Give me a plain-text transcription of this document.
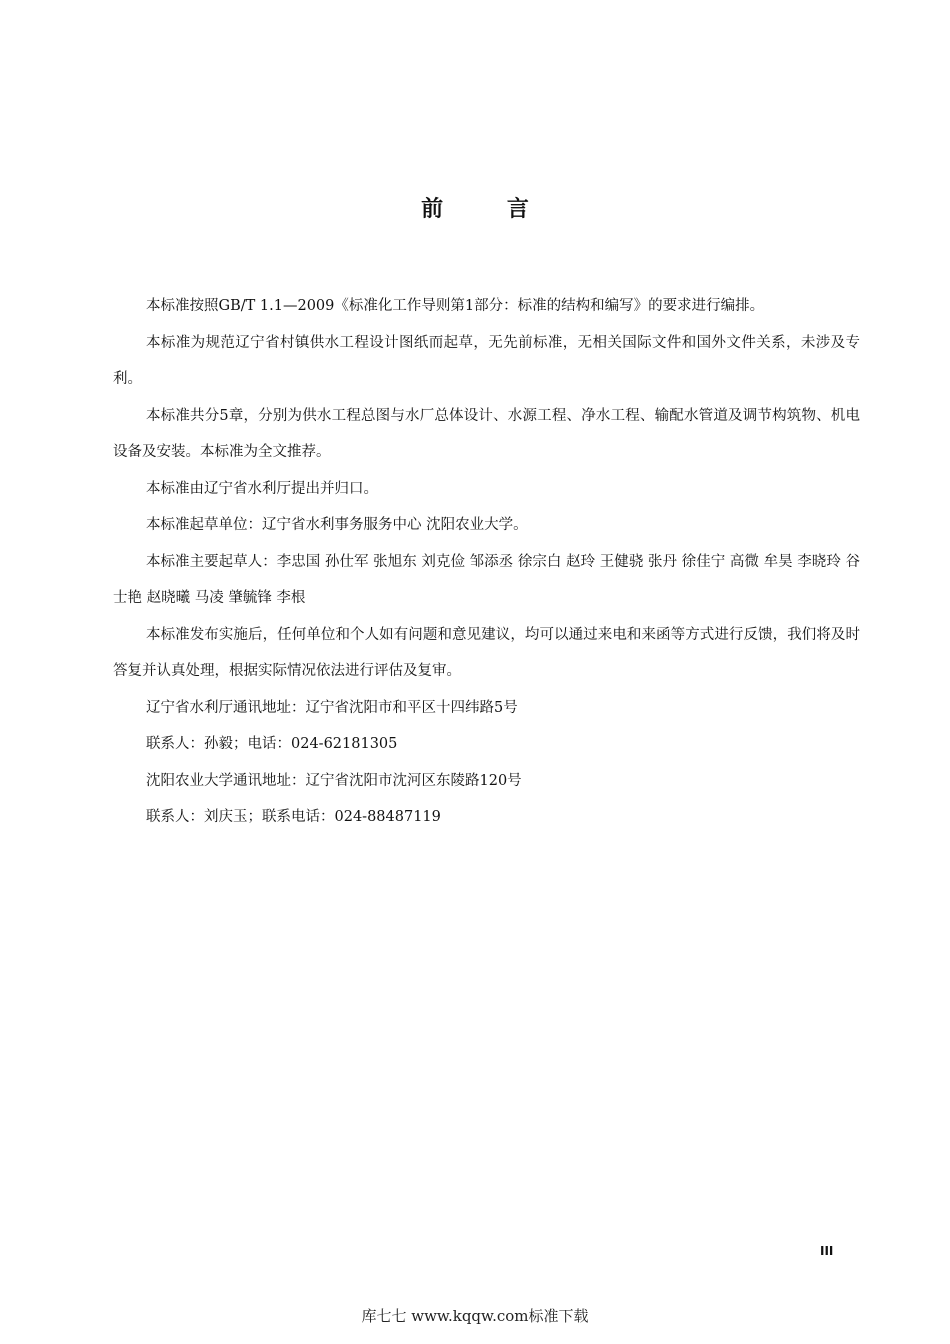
前 言

本标准按照GB/T 1.1—2009《标准化工作导则第1部分：标准的结构和编写》的要求进行编排。

本标准为规范辽宁省村镇供水工程设计图纸而起草，无先前标准，无相关国际文件和国外文件关系，未涉及专利。

本标准共分5章，分别为供水工程总图与水厂总体设计、水源工程、净水工程、输配水管道及调节构筑物、机电设备及安装。本标准为全文推荐。

本标准由辽宁省水利厅提出并归口。

本标准起草单位：辽宁省水利事务服务中心 沈阳农业大学。

本标准主要起草人：李忠国 孙仕军 张旭东 刘克俭 邹添丞 徐宗白 赵玲 王健骁 张丹 徐佳宁 高微 牟昊 李晓玲 谷士艳 赵晓曦 马凌 肇毓锋 李根

本标准发布实施后，任何单位和个人如有问题和意见建议，均可以通过来电和来函等方式进行反馈，我们将及时答复并认真处理，根据实际情况依法进行评估及复审。

辽宁省水利厅通讯地址：辽宁省沈阳市和平区十四纬路5号

联系人：孙毅；电话：024-62181305

沈阳农业大学通讯地址：辽宁省沈阳市沈河区东陵路120号

联系人：刘庆玉；联系电话：024-88487119

III
库七七 www.kqqw.com标准下载
